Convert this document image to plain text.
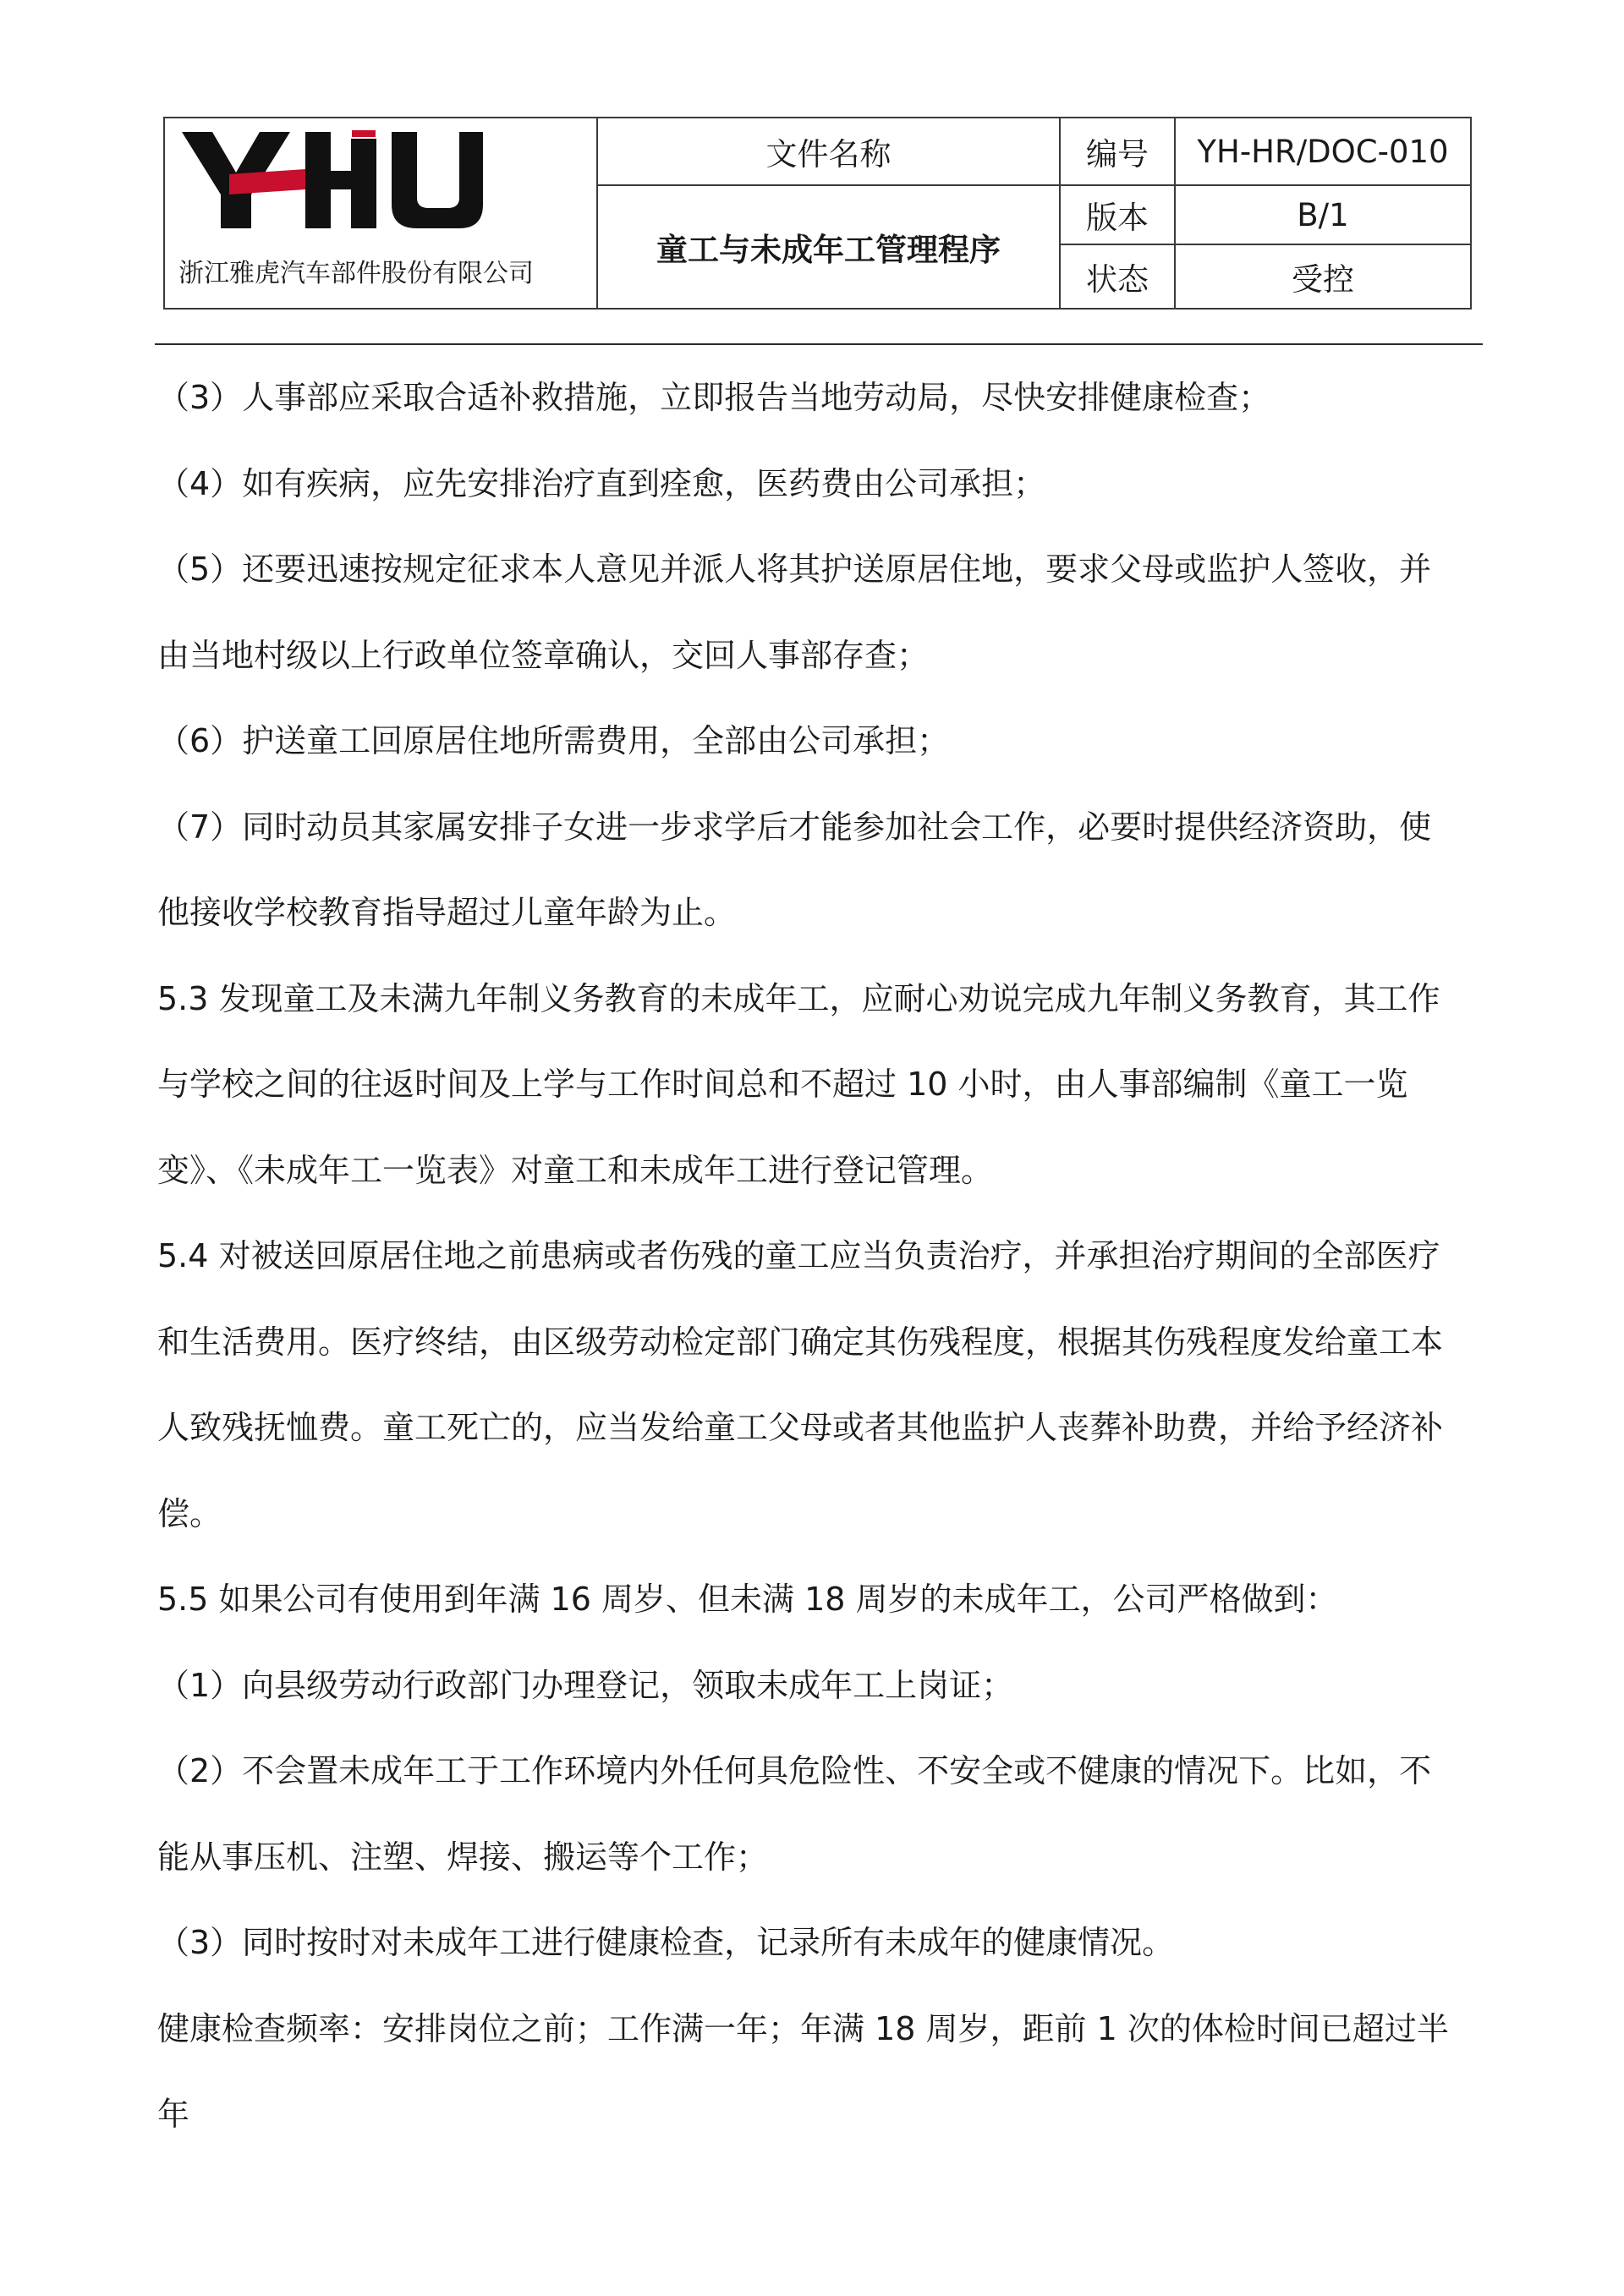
浙江雅虎汽车部件股份有限公司	文件名称	编号	YH-HR/DOC-010
	童工与未成年工管理程序	版本	B/1
		状态	受控

（3）人事部应采取合适补救措施，立即报告当地劳动局，尽快安排健康检查；

（4）如有疾病，应先安排治疗直到痊愈，医药费由公司承担；

（5）还要迅速按规定征求本人意见并派人将其护送原居住地，要求父母或监护人签收，并

由当地村级以上行政单位签章确认，交回人事部存查；

（6）护送童工回原居住地所需费用，全部由公司承担；

（7）同时动员其家属安排子女进一步求学后才能参加社会工作，必要时提供经济资助，使

他接收学校教育指导超过儿童年龄为止。

5.3 发现童工及未满九年制义务教育的未成年工，应耐心劝说完成九年制义务教育，其工作

与学校之间的往返时间及上学与工作时间总和不超过 10 小时，由人事部编制《童工一览

变》、《未成年工一览表》对童工和未成年工进行登记管理。

5.4 对被送回原居住地之前患病或者伤残的童工应当负责治疗，并承担治疗期间的全部医疗

和生活费用。医疗终结，由区级劳动检定部门确定其伤残程度，根据其伤残程度发给童工本

人致残抚恤费。童工死亡的，应当发给童工父母或者其他监护人丧葬补助费，并给予经济补

偿。

5.5 如果公司有使用到年满 16 周岁、但未满 18 周岁的未成年工，公司严格做到：

（1）向县级劳动行政部门办理登记，领取未成年工上岗证；

（2）不会置未成年工于工作环境内外任何具危险性、不安全或不健康的情况下。比如，不

能从事压机、注塑、焊接、搬运等个工作；

（3）同时按时对未成年工进行健康检查，记录所有未成年的健康情况。

健康检查频率：安排岗位之前；工作满一年；年满 18 周岁，距前 1 次的体检时间已超过半

年
